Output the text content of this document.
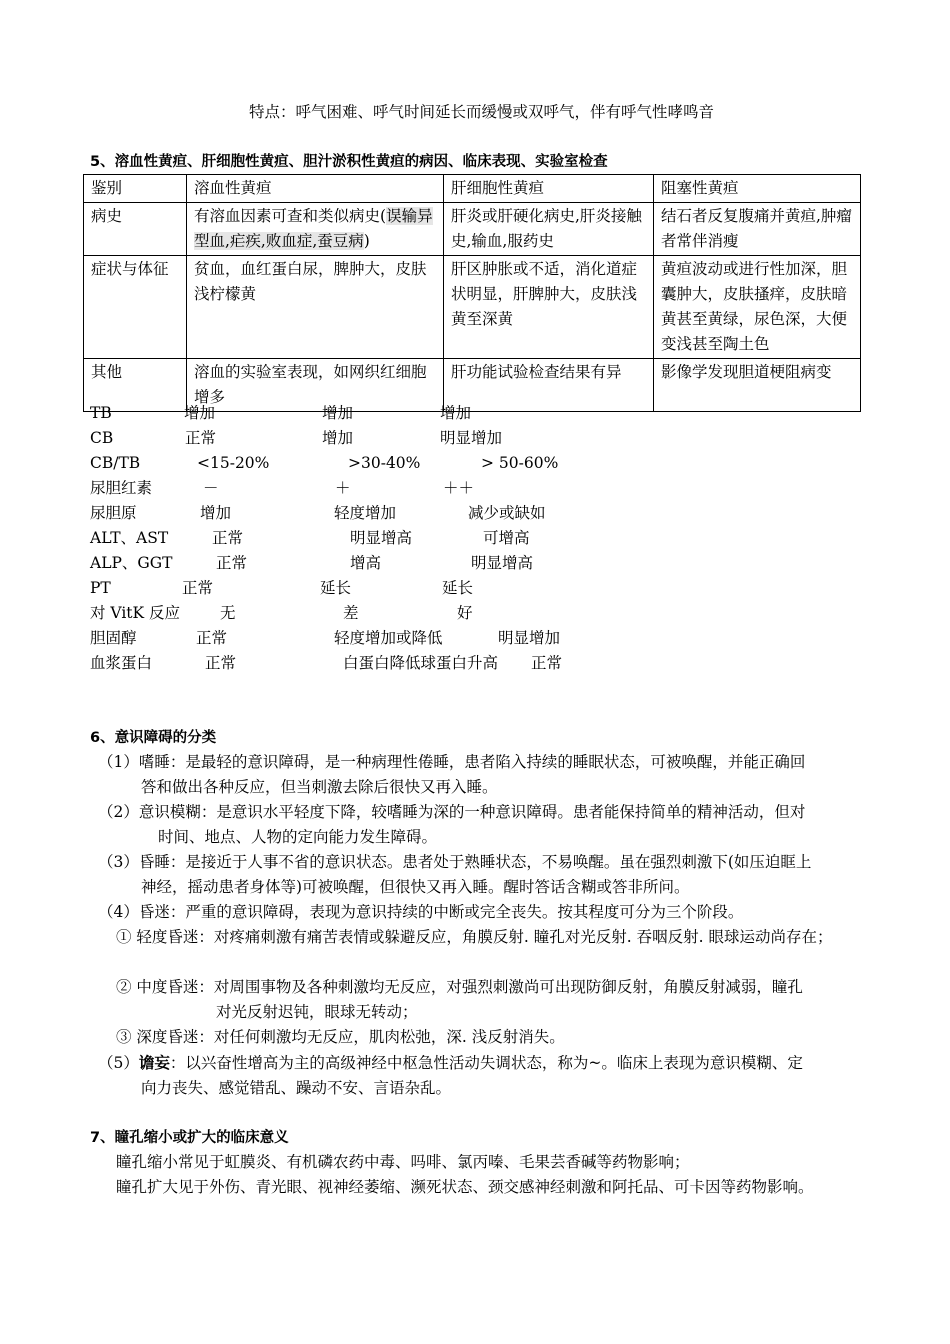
特点：呼气困难、呼气时间延长而缓慢或双呼气，伴有呼气性哮鸣音
5、溶血性黄疸、肝细胞性黄疸、胆汁淤积性黄疸的病因、临床表现、实验室检查
鉴别	溶血性黄疸	肝细胞性黄疸	阻塞性黄疸
病史	有溶血因素可查和类似病史(误输异型血,疟疾,败血症,蚕豆病)	肝炎或肝硬化病史,肝炎接触史,输血,服药史	结石者反复腹痛并黄疸,肿瘤者常伴消瘦
症状与体征	贫血，血红蛋白尿，脾肿大，皮肤浅柠檬黄	肝区肿胀或不适，消化道症状明显，肝脾肿大，皮肤浅黄至深黄	黄疸波动或进行性加深，胆囊肿大，皮肤搔痒，皮肤暗黄甚至黄绿，尿色深，大便变浅甚至陶土色
其他	溶血的实验室表现，如网织红细胞增多	肝功能试验检查结果有异	影像学发现胆道梗阻病变
TB	增加	增加	增加
CB	正常	增加	明显增加
CB/TB	<15-20%	>30-40%	> 50-60%
尿胆红素	－	＋	＋＋
尿胆原	增加	轻度增加	减少或缺如
ALT、AST	正常	明显增高	可增高
ALP、GGT	正常	增高	明显增高
PT	正常	延长	延长
对 VitK 反应	无	差	好
胆固醇	正常	轻度增加或降低	明显增加
血浆蛋白	正常	白蛋白降低球蛋白升高 正常
6、意识障碍的分类
（1）嗜睡：是最轻的意识障碍，是一种病理性倦睡，患者陷入持续的睡眠状态，可被唤醒，并能正确回
答和做出各种反应，但当刺激去除后很快又再入睡。
（2）意识模糊：是意识水平轻度下降，较嗜睡为深的一种意识障碍。患者能保持简单的精神活动，但对
时间、地点、人物的定向能力发生障碍。
（3）昏睡：是接近于人事不省的意识状态。患者处于熟睡状态，不易唤醒。虽在强烈刺激下(如压迫眶上
神经，摇动患者身体等)可被唤醒，但很快又再入睡。醒时答话含糊或答非所问。
（4）昏迷：严重的意识障碍，表现为意识持续的中断或完全丧失。按其程度可分为三个阶段。
① 轻度昏迷：对疼痛刺激有痛苦表情或躲避反应，角膜反射. 瞳孔对光反射. 吞咽反射. 眼球运动尚存在；
② 中度昏迷：对周围事物及各种刺激均无反应，对强烈刺激尚可出现防御反射，角膜反射减弱，瞳孔
对光反射迟钝，眼球无转动；
③ 深度昏迷：对任何刺激均无反应，肌肉松弛，深. 浅反射消失。
（5）谵妄：以兴奋性增高为主的高级神经中枢急性活动失调状态，称为~。临床上表现为意识模糊、定
向力丧失、感觉错乱、躁动不安、言语杂乱。
7、瞳孔缩小或扩大的临床意义
瞳孔缩小常见于虹膜炎、有机磷农药中毒、吗啡、氯丙嗪、毛果芸香碱等药物影响；
瞳孔扩大见于外伤、青光眼、视神经萎缩、濒死状态、颈交感神经刺激和阿托品、可卡因等药物影响。
